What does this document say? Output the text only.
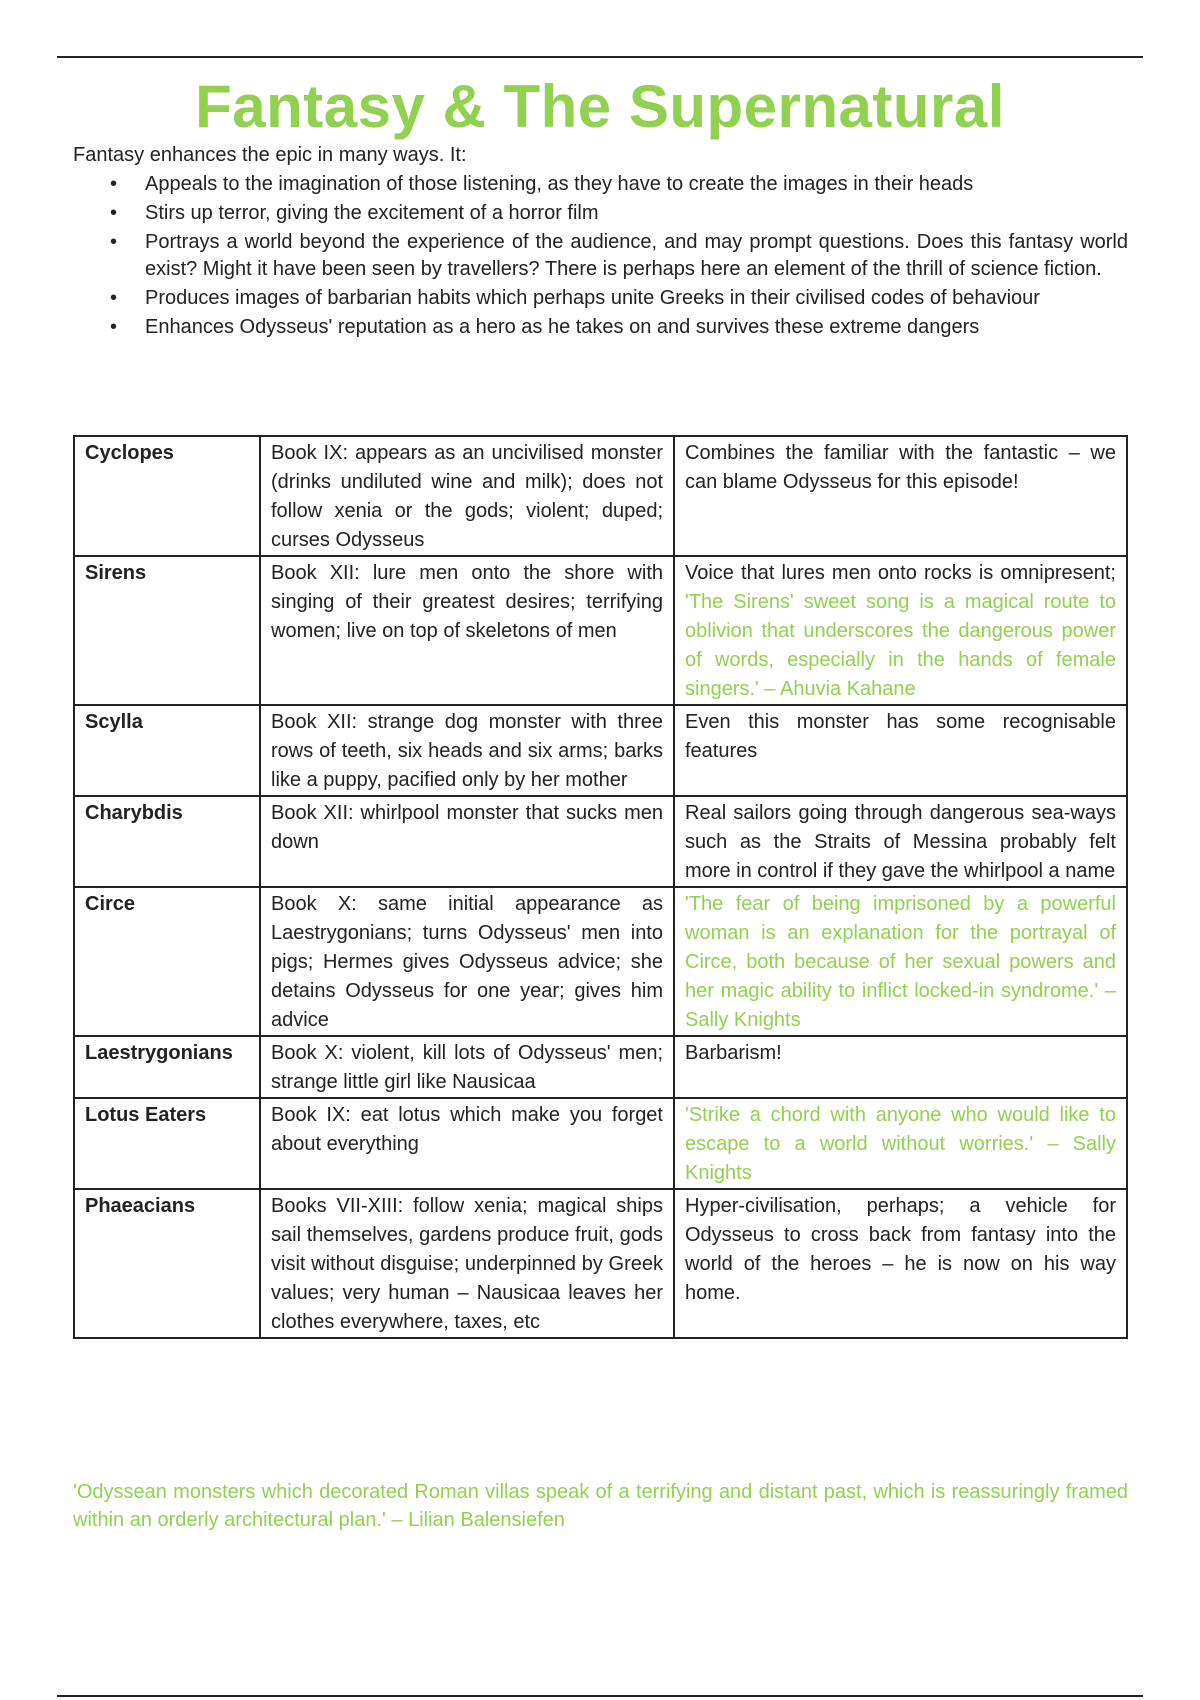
Fantasy & The Supernatural

Fantasy enhances the epic in many ways. It:

• Appeals to the imagination of those listening, as they have to create the images in their heads
• Stirs up terror, giving the excitement of a horror film
• Portrays a world beyond the experience of the audience, and may prompt questions. Does this fantasy world exist? Might it have been seen by travellers? There is perhaps here an element of the thrill of science fiction.
• Produces images of barbarian habits which perhaps unite Greeks in their civilised codes of behaviour
• Enhances Odysseus' reputation as a hero as he takes on and survives these extreme dangers
Cyclopes	Book IX: appears as an uncivilised monster (drinks undiluted wine and milk); does not follow xenia or the gods; violent; duped; curses Odysseus	Combines the familiar with the fantastic – we can blame Odysseus for this episode!
Sirens	Book XII: lure men onto the shore with singing of their greatest desires; terrifying women; live on top of skeletons of men	Voice that lures men onto rocks is omnipresent; 'The Sirens' sweet song is a magical route to oblivion that underscores the dangerous power of words, especially in the hands of female singers.' – Ahuvia Kahane
Scylla	Book XII: strange dog monster with three rows of teeth, six heads and six arms; barks like a puppy, pacified only by her mother	Even this monster has some recognisable features
Charybdis	Book XII: whirlpool monster that sucks men down	Real sailors going through dangerous sea-ways such as the Straits of Messina probably felt more in control if they gave the whirlpool a name
Circe	Book X: same initial appearance as Laestrygonians; turns Odysseus' men into pigs; Hermes gives Odysseus advice; she detains Odysseus for one year; gives him advice	'The fear of being imprisoned by a powerful woman is an explanation for the portrayal of Circe, both because of her sexual powers and her magic ability to inflict locked-in syndrome.' – Sally Knights
Laestrygonians	Book X: violent, kill lots of Odysseus' men; strange little girl like Nausicaa	Barbarism!
Lotus Eaters	Book IX: eat lotus which make you forget about everything	'Strike a chord with anyone who would like to escape to a world without worries.' – Sally Knights
Phaeacians	Books VII-XIII: follow xenia; magical ships sail themselves, gardens produce fruit, gods visit without disguise; underpinned by Greek values; very human – Nausicaa leaves her clothes everywhere, taxes, etc	Hyper-civilisation, perhaps; a vehicle for Odysseus to cross back from fantasy into the world of the heroes – he is now on his way home.

'Odyssean monsters which decorated Roman villas speak of a terrifying and distant past, which is reassuringly framed within an orderly architectural plan.' – Lilian Balensiefen
